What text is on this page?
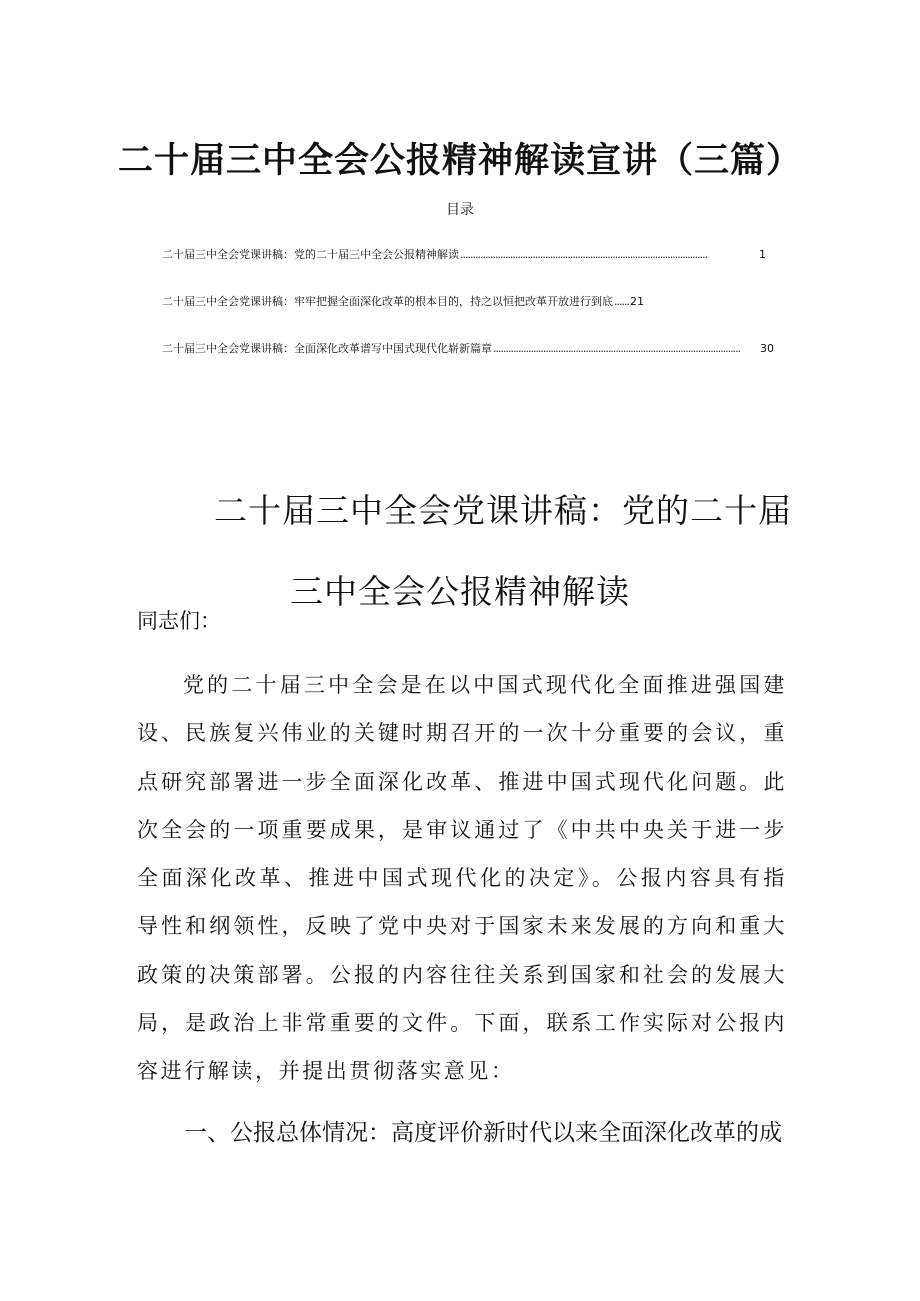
二十届三中全会公报精神解读宣讲（三篇）
目录
二十届三中全会党课讲稿：党的二十届三中全会公报精神解读 ...................................................................................................	1
二十届三中全会党课讲稿：牢牢把握全面深化改革的根本目的，持之以恒把改革开放进行到底 ...... 21
二十届三中全会党课讲稿：全面深化改革谱写中国式现代化崭新篇章 ...................................................................................................	30
二十届三中全会党课讲稿：党的二十届
三中全会公报精神解读
同志们：

党的二十届三中全会是在以中国式现代化全面推进强国建设、民族复兴伟业的关键时期召开的一次十分重要的会议，重点研究部署进一步全面深化改革、推进中国式现代化问题。此次全会的一项重要成果，是审议通过了《中共中央关于进一步全面深化改革、推进中国式现代化的决定》。公报内容具有指导性和纲领性，反映了党中央对于国家未来发展的方向和重大政策的决策部署。公报的内容往往关系到国家和社会的发展大局，是政治上非常重要的文件。下面，联系工作实际对公报内容进行解读，并提出贯彻落实意见：

一、公报总体情况：高度评价新时代以来全面深化改革的成
